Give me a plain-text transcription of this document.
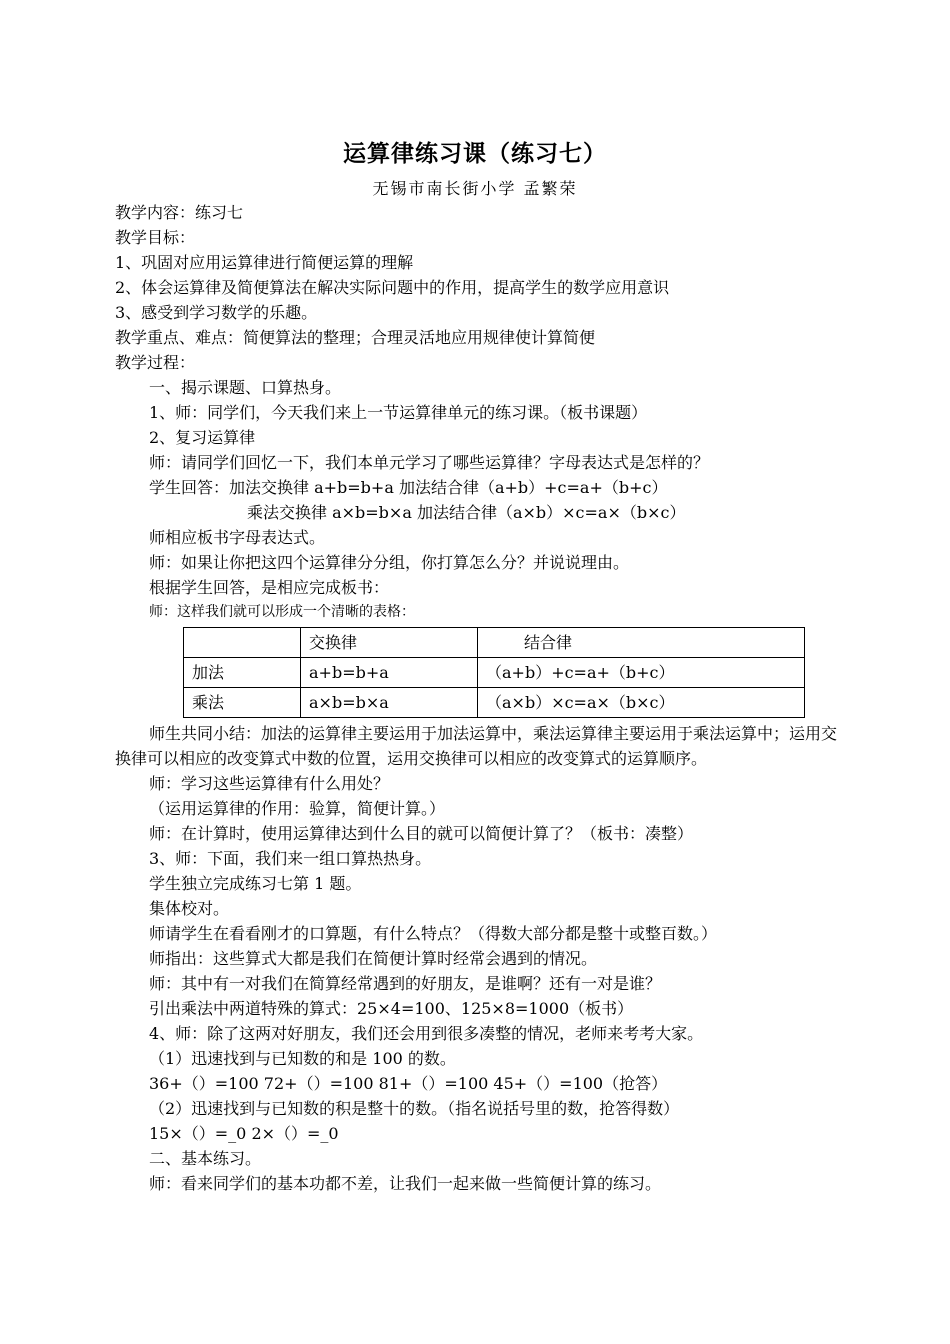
运算律练习课（练习七）
无锡市南长街小学 孟繁荣

教学内容：练习七

教学目标：

1、巩固对应用运算律进行简便运算的理解

2、体会运算律及简便算法在解决实际问题中的作用，提高学生的数学应用意识

3、感受到学习数学的乐趣。

教学重点、难点：简便算法的整理；合理灵活地应用规律使计算简便

教学过程：

一、揭示课题、口算热身。

1、师：同学们，今天我们来上一节运算律单元的练习课。（板书课题）

2、复习运算律

师：请同学们回忆一下，我们本单元学习了哪些运算律？字母表达式是怎样的？

学生回答：加法交换律 a+b=b+a 加法结合律（a+b）+c=a+（b+c）

乘法交换律 a×b=b×a 加法结合律（a×b）×c=a×（b×c）

师相应板书字母表达式。

师：如果让你把这四个运算律分分组，你打算怎么分？并说说理由。

根据学生回答，是相应完成板书：

师：这样我们就可以形成一个清晰的表格：

	交换律	结合律
加法	a+b=b+a	（a+b）+c=a+（b+c）
乘法	a×b=b×a	（a×b）×c=a×（b×c）

师生共同小结：加法的运算律主要运用于加法运算中，乘法运算律主要运用于乘法运算中；运用交换律可以相应的改变算式中数的位置，运用交换律可以相应的改变算式的运算顺序。

师：学习这些运算律有什么用处？

（运用运算律的作用：验算，简便计算。）

师：在计算时，使用运算律达到什么目的就可以简便计算了？（板书：凑整）

3、师：下面，我们来一组口算热热身。

学生独立完成练习七第 1 题。

集体校对。

师请学生在看看刚才的口算题，有什么特点？（得数大部分都是整十或整百数。）

师指出：这些算式大都是我们在简便计算时经常会遇到的情况。

师：其中有一对我们在简算经常遇到的好朋友，是谁啊？还有一对是谁？

引出乘法中两道特殊的算式：25×4=100、125×8=1000（板书）

4、师：除了这两对好朋友，我们还会用到很多凑整的情况，老师来考考大家。

（1）迅速找到与已知数的和是 100 的数。

36+（）=100 72+（）=100 81+（）=100 45+（）=100（抢答）

（2）迅速找到与已知数的积是整十的数。（指名说括号里的数，抢答得数）

15×（）=_0 2×（）=_0

二、基本练习。

师：看来同学们的基本功都不差，让我们一起来做一些简便计算的练习。
